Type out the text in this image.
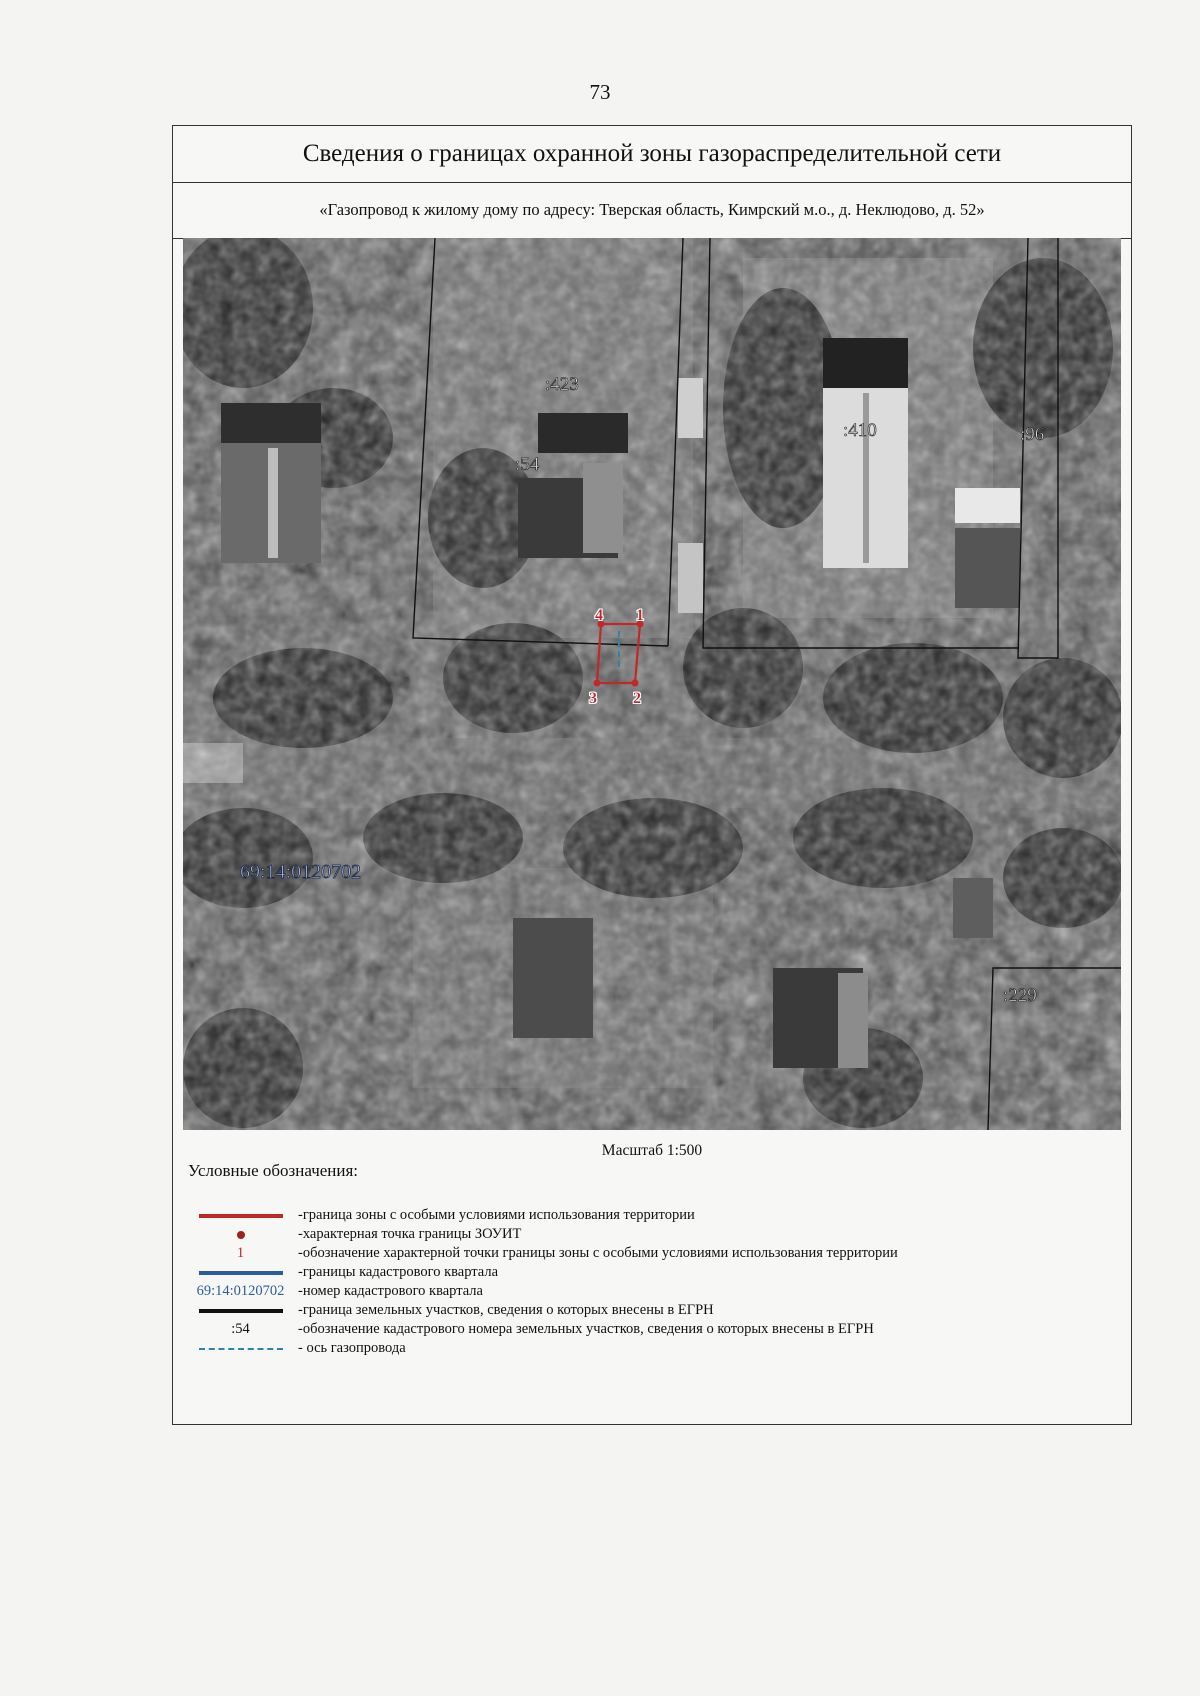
73
Сведения о границах охранной зоны газораспределительной сети
«Газопровод к жилому дому по адресу: Тверская область, Кимрский м.о., д. Неклюдово, д. 52»
1
2
3
4
:423
:54
:410	:96
:229
69:14:0120702
Масштаб 1:500
Условные обозначения:
-граница зоны с особыми условиями использования территории
-характерная точка границы ЗОУИТ
1	-обозначение характерной точки границы зоны с особыми условиями использования территории
-границы кадастрового квартала
69:14:0120702 -номер кадастрового квартала
-граница земельных участков, сведения о которых внесены в ЕГРН
:54	-обозначение кадастрового номера земельных участков, сведения о которых внесены в ЕГРН
- ось газопровода
